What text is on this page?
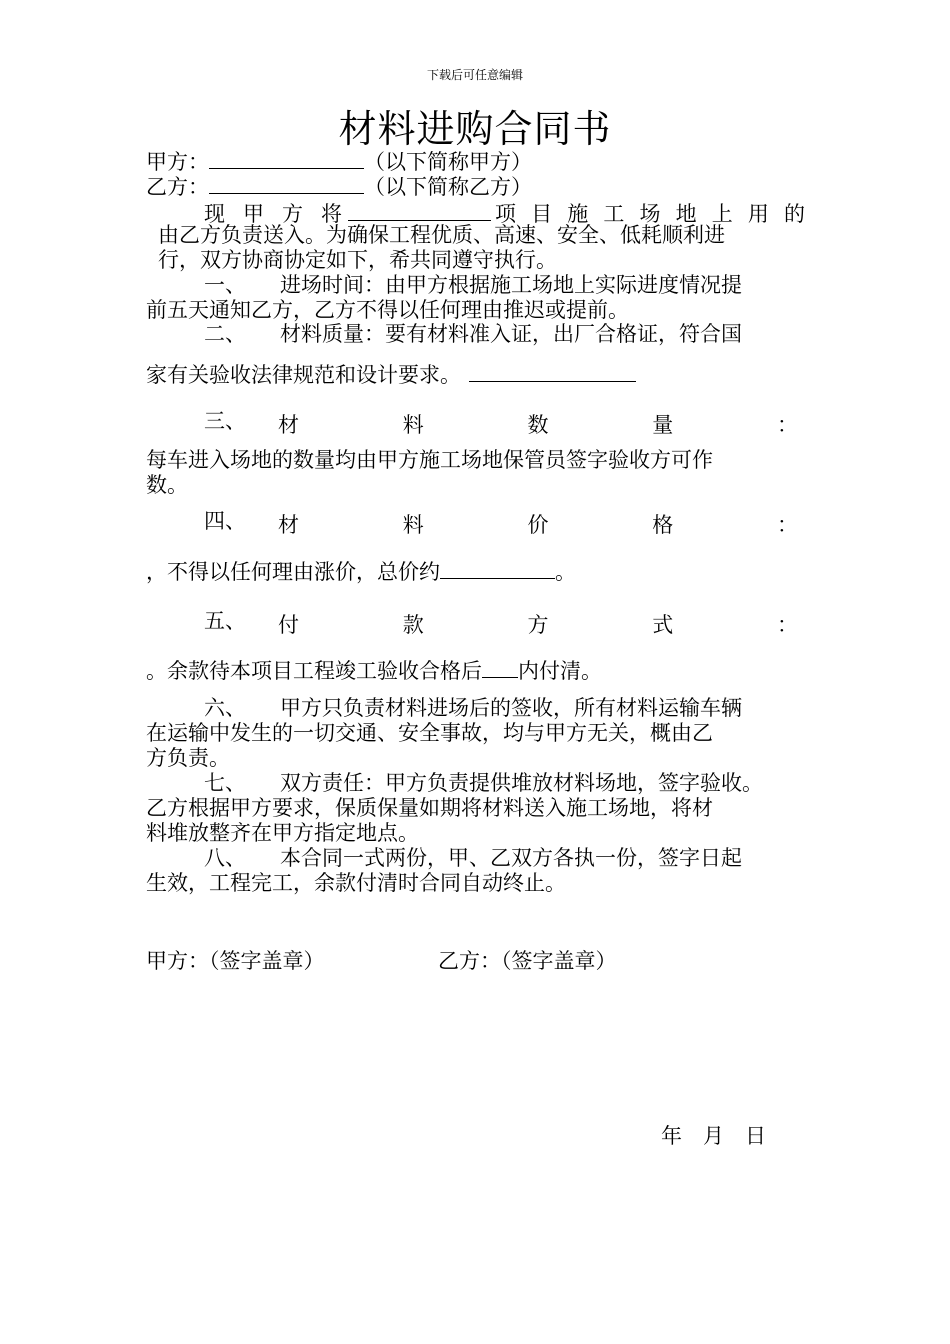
下载后可任意编辑
材料进购合同书
甲方：	（以下简称甲方）
乙方：	（以下简称乙方）
现 甲 方 将	项 目 施 工 场 地 上 用 的
由乙方负责送入。为确保工程优质、高速、安全、低耗顺利进
行，双方协商协定如下，希共同遵守执行。
一、 进场时间：由甲方根据施工场地上实际进度情况提
前五天通知乙方，乙方不得以任何理由推迟或提前。
二、 材料质量：要有材料准入证，出厂合格证，符合国
家有关验收法律规范和设计要求。
三、 材	料	数	量	：
每车进入场地的数量均由甲方施工场地保管员签字验收方可作
数。
四、 材	料	价	格	：
，不得以任何理由涨价，总价约	。
五、 付	款	方	式	：
。余款待本项目工程竣工验收合格后 内付清。
六、 甲方只负责材料进场后的签收，所有材料运输车辆
在运输中发生的一切交通、安全事故，均与甲方无关，概由乙
方负责。
七、 双方责任：甲方负责提供堆放材料场地，签字验收。
乙方根据甲方要求，保质保量如期将材料送入施工场地，将材
料堆放整齐在甲方指定地点。
八、 本合同一式两份，甲、乙双方各执一份，签字日起
生效，工程完工，余款付清时合同自动终止。
甲方：（签字盖章）	乙方：（签字盖章）
年 月 日
